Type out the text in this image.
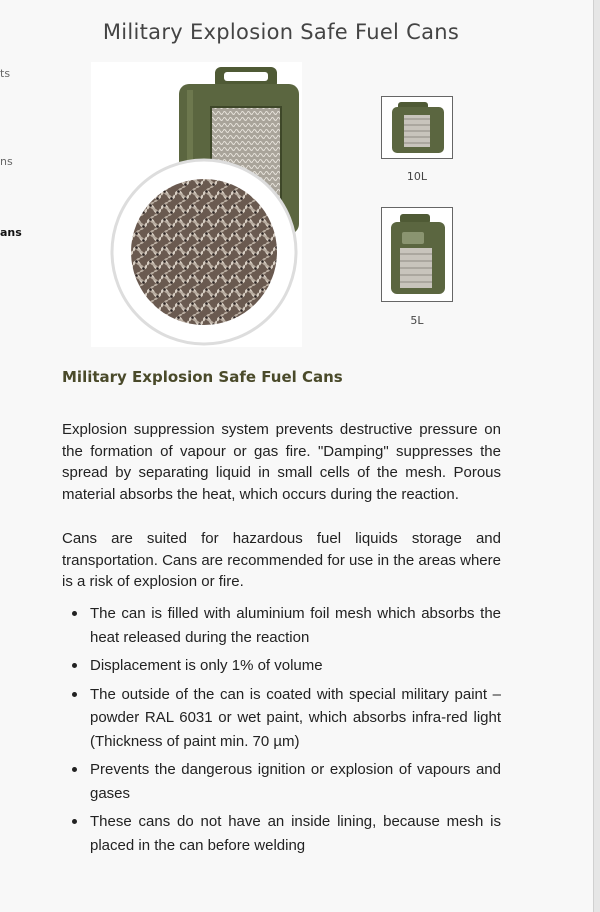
ts
ns
ans
Military Explosion Safe Fuel Cans
10L
5L
Military Explosion Safe Fuel Cans

Explosion suppression system prevents destructive pressure on the formation of vapour or gas fire. "Damping" suppresses the spread by separating liquid in small cells of the mesh. Porous material absorbs the heat, which occurs during the reaction.

Cans are suited for hazardous fuel liquids storage and transportation. Cans are recommended for use in the areas where is a risk of explosion or fire.

The can is filled with aluminium foil mesh which absorbs the heat released during the reaction
Displacement is only 1% of volume
The outside of the can is coated with special military paint – powder RAL 6031 or wet paint, which absorbs infra-red light (Thickness of paint min. 70 µm)
Prevents the dangerous ignition or explosion of vapours and gases
These cans do not have an inside lining, because mesh is placed in the can before welding
